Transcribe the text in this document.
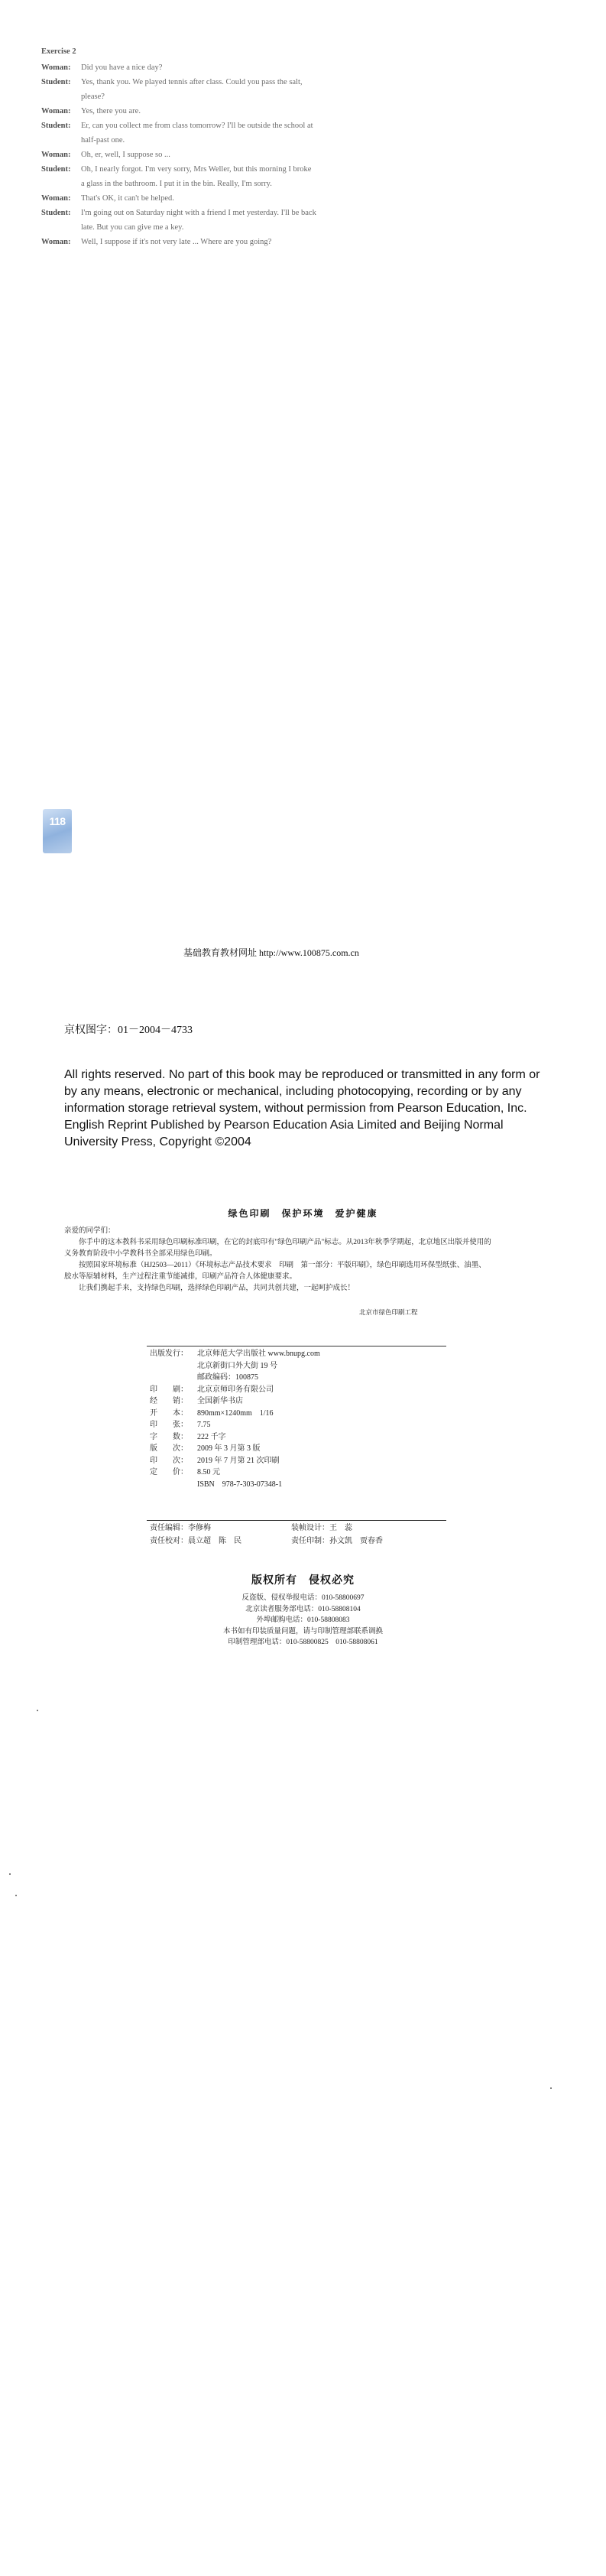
Exercise 2

Woman: Did you have a nice day?

Student: Yes, thank you. We played tennis after class. Could you pass the salt, please?

Woman: Yes, there you are.

Student: Er, can you collect me from class tomorrow? I'll be outside the school at half-past one.

Woman: Oh, er, well, I suppose so ...

Student: Oh, I nearly forgot. I'm very sorry, Mrs Weller, but this morning I broke a glass in the bathroom. I put it in the bin. Really, I'm sorry.

Woman: That's OK, it can't be helped.

Student: I'm going out on Saturday night with a friend I met yesterday. I'll be back late. But you can give me a key.

Woman: Well, I suppose if it's not very late ... Where are you going?

118
基础教育教材网址 http://www.100875.com.cn
京权图字：01－2004－4733

All rights reserved. No part of this book may be reproduced or transmitted in any form or by any means, electronic or mechanical, including photocopying, recording or by any information storage retrieval system, without permission from Pearson Education, Inc.

English Reprint Published by Pearson Education Asia Limited and Beijing Normal University Press, Copyright ©2004

绿色印刷　保护环境　爱护健康

亲爱的同学们：

　　你手中的这本教科书采用绿色印刷标准印刷，在它的封底印有"绿色印刷产品"标志。从2013年秋季学期起，北京地区出版并使用的义务教育阶段中小学教科书全部采用绿色印刷。

　　按照国家环境标准（HJ2503—2011）《环境标志产品技术要求　印刷　第一部分：平版印刷》，绿色印刷选用环保型纸张、油墨、胶水等原辅材料，生产过程注重节能减排，印刷产品符合人体健康要求。

　　让我们携起手来，支持绿色印刷，选择绿色印刷产品，共同共创共建，一起呵护成长！

北京市绿色印刷工程
出版发行：	北京师范大学出版社 www.bnupg.com
北京新街口外大街 19 号
邮政编码：100875
印　　刷：	北京京师印务有限公司
经　　销：	全国新华书店
开　　本：	890mm×1240mm　1/16
印　　张：	7.75
字　　数：	222 千字
版　　次：	2009 年 3 月第 3 版
印　　次：	2019 年 7 月第 21 次印刷
定　　价：	8.50 元
ISBN　978-7-303-07348-1
责任编辑：李修梅	装帧设计：王　蕊
责任校对：晨立超　陈　民	责任印制：孙文凯　贾春香
版权所有　侵权必究

反盗版、侵权举报电话：010-58800697

北京读者服务部电话：010-58808104

外埠邮购电话：010-58808083

本书如有印装质量问题，请与印制管理部联系调换

印制管理部电话：010-58800825　010-58808061
